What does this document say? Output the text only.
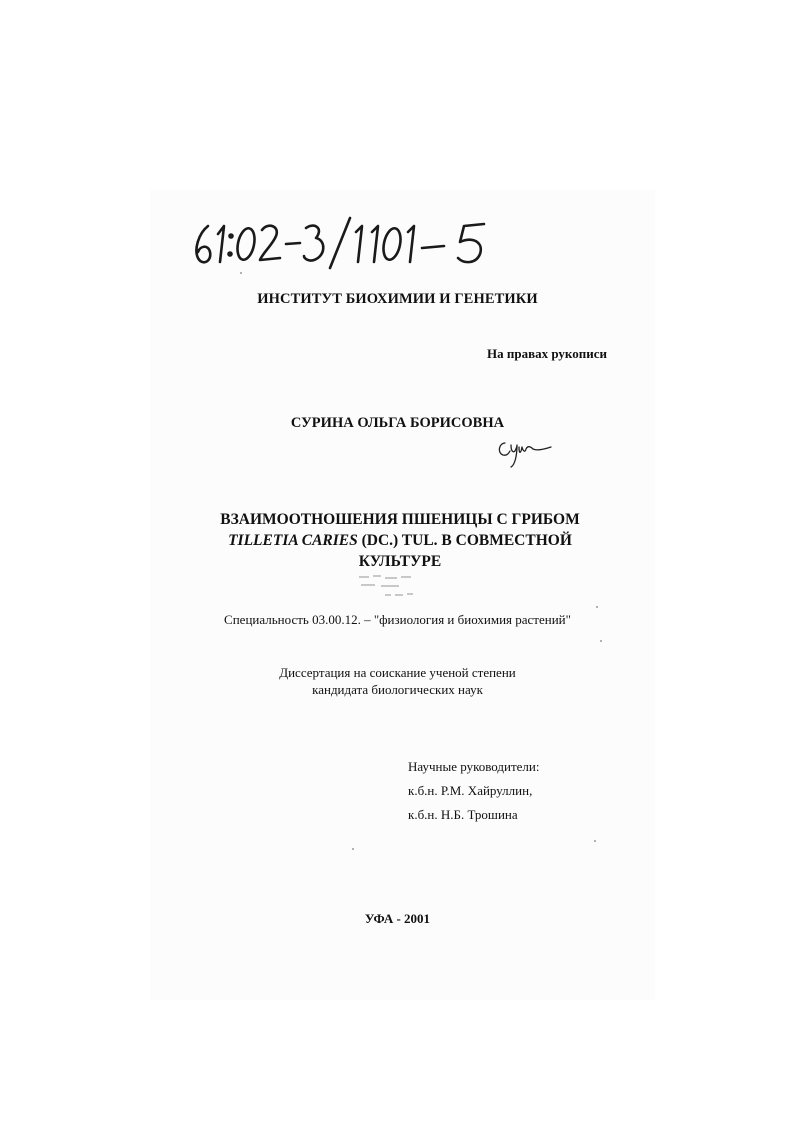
ИНСТИТУТ БИОХИМИИ И ГЕНЕТИКИ
На правах рукописи
СУРИНА ОЛЬГА БОРИСОВНА
ВЗАИМООТНОШЕНИЯ ПШЕНИЦЫ С ГРИБОМ
TILLETIA CARIES (DC.) TUL. В СОВМЕСТНОЙ
КУЛЬТУРЕ
Специальность 03.00.12. – "физиология и биохимия растений"
Диссертация на соискание ученой степени
кандидата биологических наук
Научные руководители:
к.б.н. Р.М. Хайруллин,
к.б.н. Н.Б. Трошина
УФА - 2001
